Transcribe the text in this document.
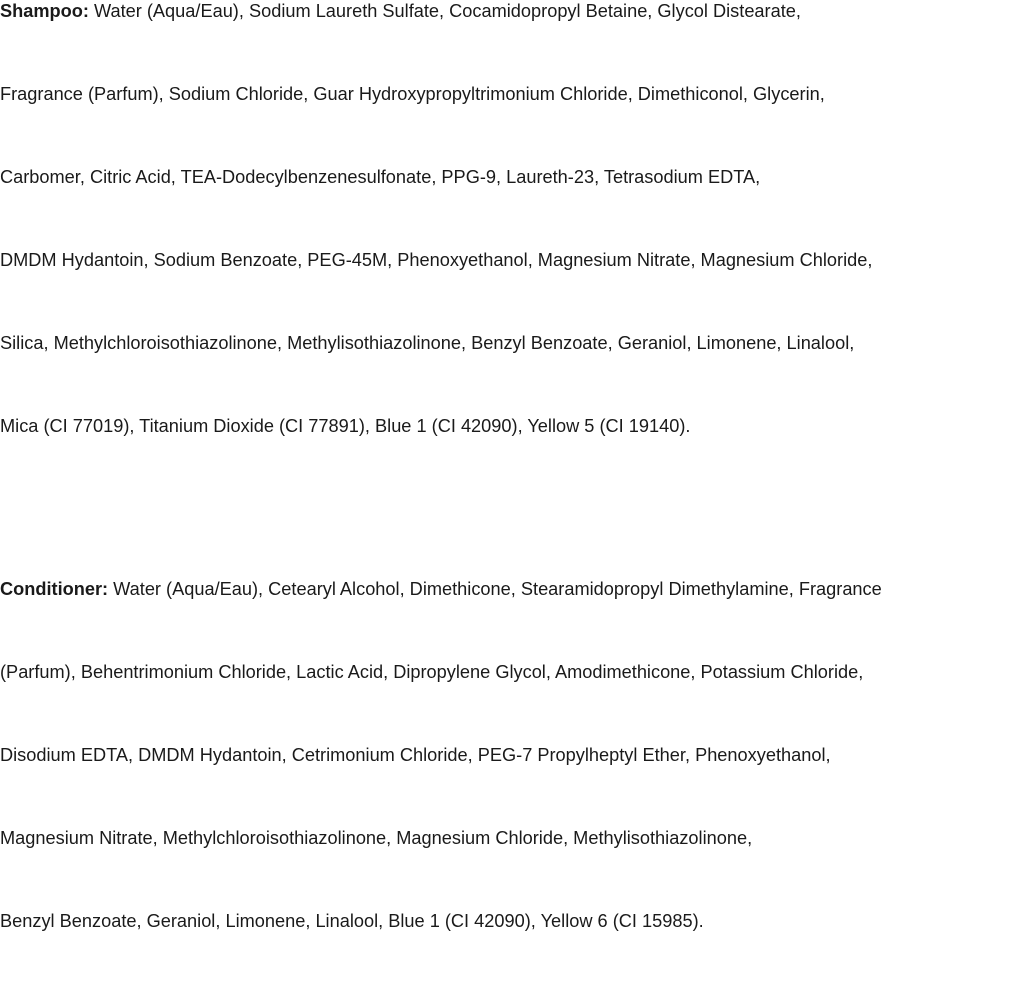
Shampoo: Water (Aqua/Eau), Sodium Laureth Sulfate, Cocamidopropyl Betaine, Glycol Distearate,
Fragrance (Parfum), Sodium Chloride, Guar Hydroxypropyltrimonium Chloride, Dimethiconol, Glycerin,
Carbomer, Citric Acid, TEA-Dodecylbenzenesulfonate, PPG-9, Laureth-23, Tetrasodium EDTA,
DMDM Hydantoin, Sodium Benzoate, PEG-45M, Phenoxyethanol, Magnesium Nitrate, Magnesium Chloride,
Silica, Methylchloroisothiazolinone, Methylisothiazolinone, Benzyl Benzoate, Geraniol, Limonene, Linalool,
Mica (CI 77019), Titanium Dioxide (CI 77891), Blue 1 (CI 42090), Yellow 5 (CI 19140).
Conditioner: Water (Aqua/Eau), Cetearyl Alcohol, Dimethicone, Stearamidopropyl Dimethylamine, Fragrance
(Parfum), Behentrimonium Chloride, Lactic Acid, Dipropylene Glycol, Amodimethicone, Potassium Chloride,
Disodium EDTA, DMDM Hydantoin, Cetrimonium Chloride, PEG-7 Propylheptyl Ether, Phenoxyethanol,
Magnesium Nitrate, Methylchloroisothiazolinone, Magnesium Chloride, Methylisothiazolinone,
Benzyl Benzoate, Geraniol, Limonene, Linalool, Blue 1 (CI 42090), Yellow 6 (CI 15985).
